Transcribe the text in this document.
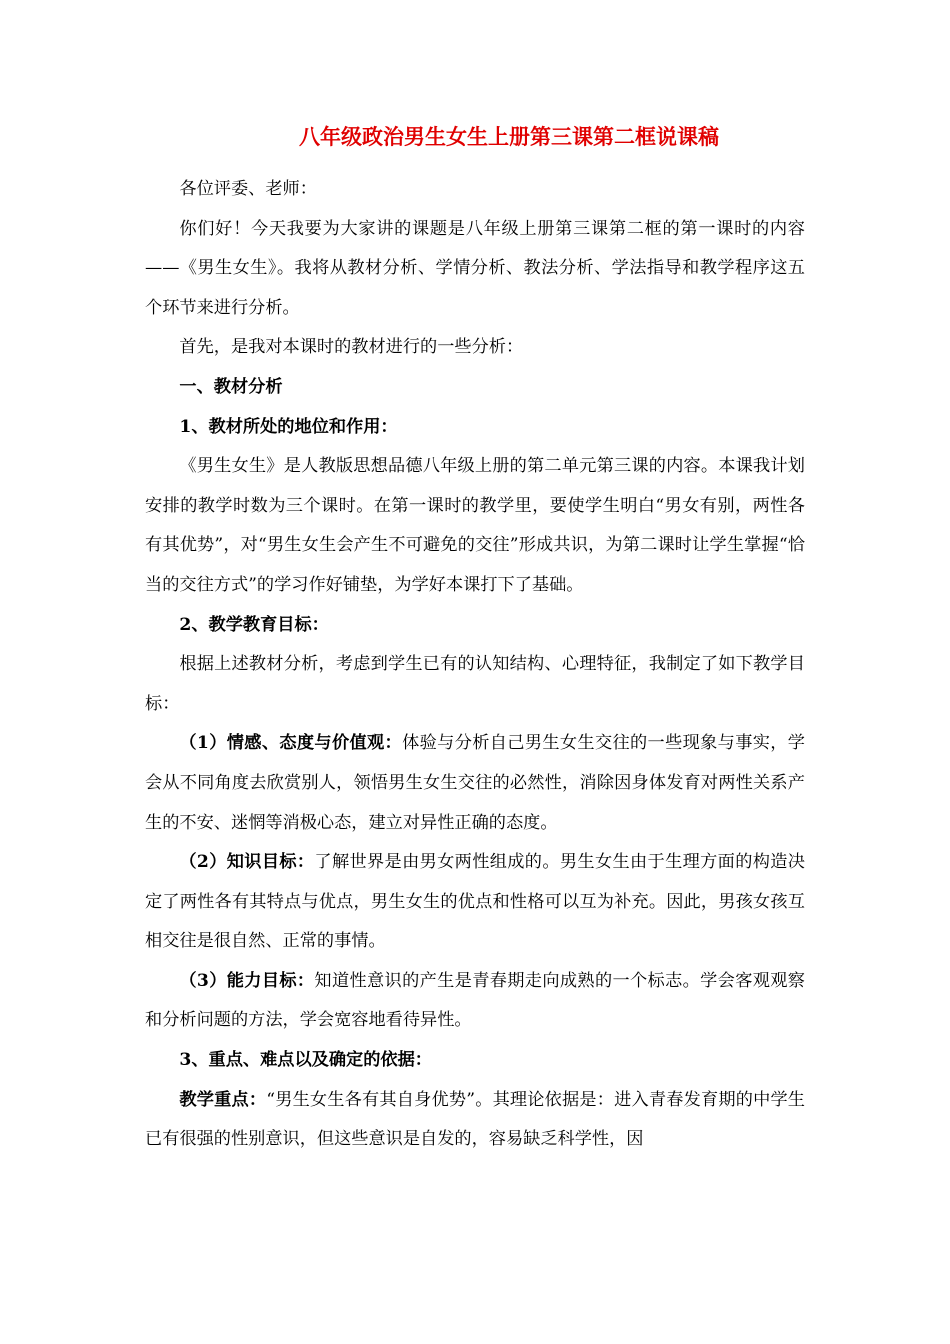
八年级政治男生女生上册第三课第二框说课稿

各位评委、老师：

你们好！今天我要为大家讲的课题是八年级上册第三课第二框的第一课时的内容——《男生女生》。我将从教材分析、学情分析、教法分析、学法指导和教学程序这五个环节来进行分析。

首先，是我对本课时的教材进行的一些分析：

一、教材分析

1、教材所处的地位和作用：

《男生女生》是人教版思想品德八年级上册的第二单元第三课的内容。本课我计划安排的教学时数为三个课时。在第一课时的教学里，要使学生明白“男女有别，两性各有其优势”，对“男生女生会产生不可避免的交往”形成共识，为第二课时让学生掌握“恰当的交往方式”的学习作好铺垫，为学好本课打下了基础。

2、教学教育目标：

根据上述教材分析，考虑到学生已有的认知结构、心理特征，我制定了如下教学目标：

（1）情感、态度与价值观：体验与分析自己男生女生交往的一些现象与事实，学会从不同角度去欣赏别人，领悟男生女生交往的必然性，消除因身体发育对两性关系产生的不安、迷惘等消极心态，建立对异性正确的态度。

（2）知识目标：了解世界是由男女两性组成的。男生女生由于生理方面的构造决定了两性各有其特点与优点，男生女生的优点和性格可以互为补充。因此，男孩女孩互相交往是很自然、正常的事情。

（3）能力目标：知道性意识的产生是青春期走向成熟的一个标志。学会客观观察和分析问题的方法，学会宽容地看待异性。

3、重点、难点以及确定的依据：

教学重点：“男生女生各有其自身优势”。其理论依据是：进入青春发育期的中学生已有很强的性别意识，但这些意识是自发的，容易缺乏科学性，因
